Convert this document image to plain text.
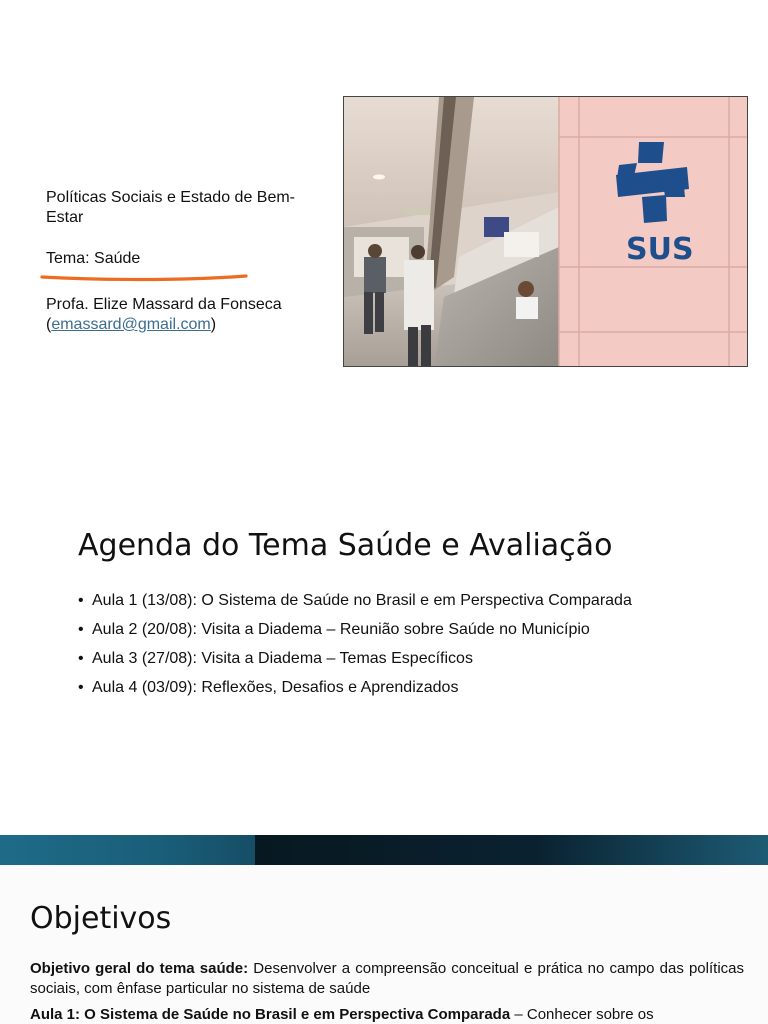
Políticas Sociais e Estado de Bem-Estar
Tema: Saúde
Profa. Elize Massard da Fonseca
(emassard@gmail.com)
SUS
Agenda do Tema Saúde e Avaliação
• Aula 1 (13/08): O Sistema de Saúde no Brasil e em Perspectiva Comparada
• Aula 2 (20/08): Visita a Diadema – Reunião sobre Saúde no Município
• Aula 3 (27/08): Visita a Diadema – Temas Específicos
• Aula 4 (03/09): Reflexões, Desafios e Aprendizados
Objetivos

Objetivo geral do tema saúde: Desenvolver a compreensão conceitual e prática no campo das políticas sociais, com ênfase particular no sistema de saúde

Aula 1: O Sistema de Saúde no Brasil e em Perspectiva Comparada – Conhecer sobre os
